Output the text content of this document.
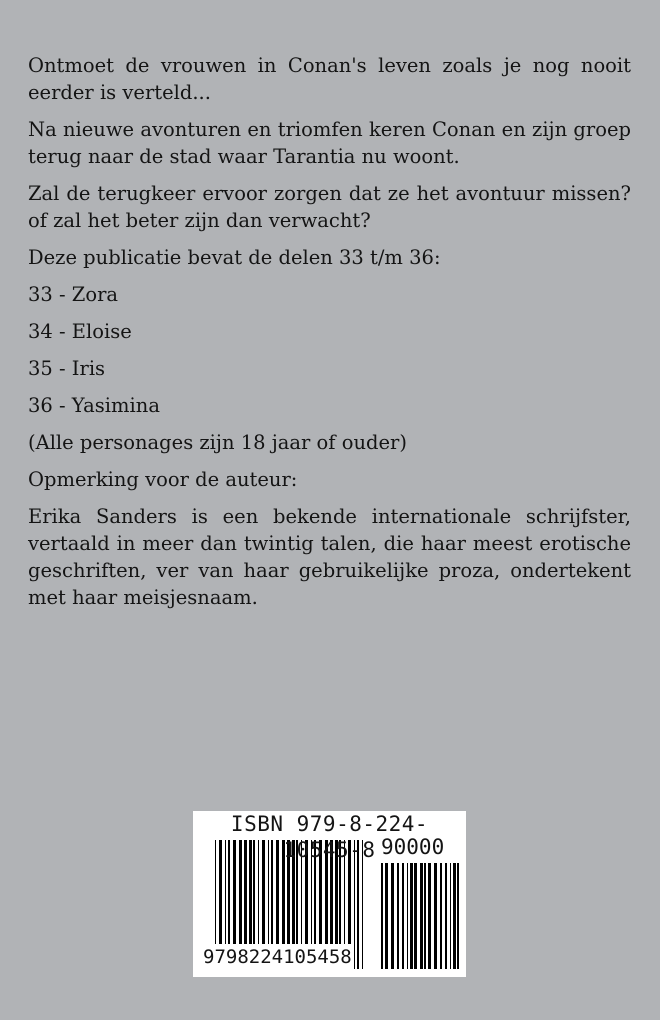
Ontmoet de vrouwen in Conan's leven zoals je nog nooit eerder is verteld...

Na nieuwe avonturen en triomfen keren Conan en zijn groep terug naar de stad waar Tarantia nu woont.

Zal de terugkeer ervoor zorgen dat ze het avontuur missen? of zal het beter zijn dan verwacht?

Deze publicatie bevat de delen 33 t/m 36:

33 - Zora

34 - Eloise

35 - Iris

36 - Yasimina

(Alle personages zijn 18 jaar of ouder)

Opmerking voor de auteur:

Erika Sanders is een bekende internationale schrijfster, vertaald in meer dan twintig talen, die haar meest erotische geschriften, ver van haar gebruikelijke proza, ondertekent met haar meisjesnaam.

ISBN 979-8-224-10545-8 90000
9798224105458
